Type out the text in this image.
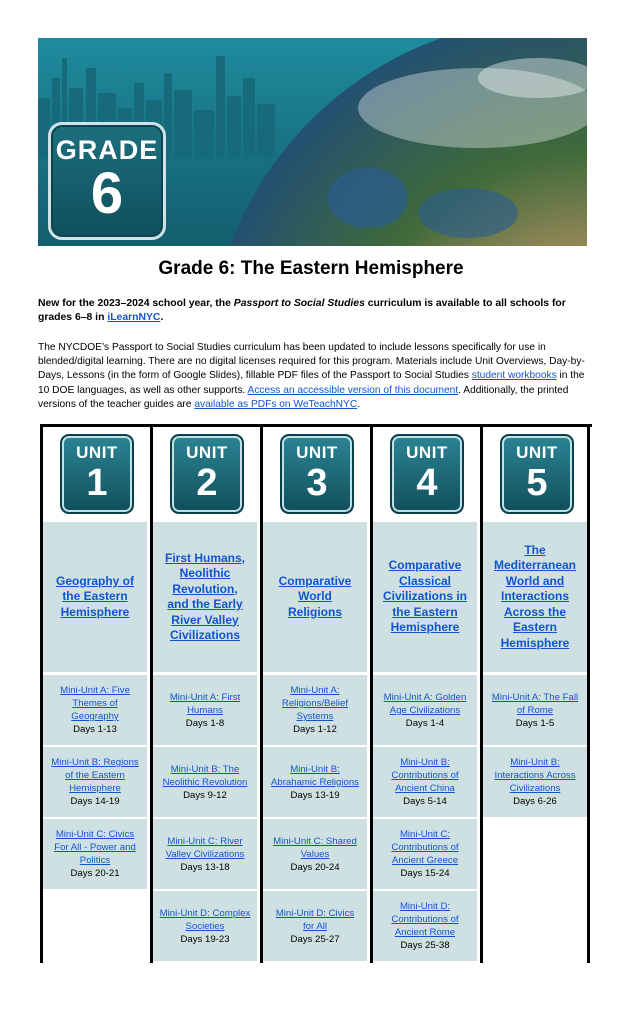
GRADE
6
Grade 6: The Eastern Hemisphere

New for the 2023–2024 school year, the Passport to Social Studies curriculum is available to all schools for grades 6–8 in iLearnNYC.

The NYCDOE’s Passport to Social Studies curriculum has been updated to include lessons specifically for use in blended/digital learning. There are no digital licenses required for this program. Materials include Unit Overviews, Day-by-Days, Lessons (in the form of Google Slides), fillable PDF files of the Passport to Social Studies student workbooks in the 10 DOE languages, as well as other supports. Access an accessible version of this document. Additionally, the printed versions of the teacher guides are available as PDFs on WeTeachNYC.

UNIT
1
Geography of the Eastern Hemisphere
Mini-Unit A: Five Themes of Geography
Days 1-13
Mini-Unit B: Regions of the Eastern Hemisphere
Days 14-19
Mini-Unit C: Civics For All - Power and Politics
Days 20-21
UNIT
2
First Humans, Neolithic Revolution, and the Early River Valley Civilizations
Mini-Unit A: First Humans
Days 1-8
Mini-Unit B: The Neolithic Revolution
Days 9-12
Mini-Unit C: River Valley Civilizations
Days 13-18
Mini-Unit D: Complex Societies
Days 19-23
UNIT
3
Comparative World Religions
Mini-Unit A: Religions/Belief Systems
Days 1-12
Mini-Unit B: Abrahamic Religions
Days 13-19
Mini-Unit C: Shared Values
Days 20-24
Mini-Unit D: Civics for All
Days 25-27
UNIT
4
Comparative Classical Civilizations in the Eastern Hemisphere
Mini-Unit A: Golden Age Civilizations
Days 1-4
Mini-Unit B: Contributions of Ancient China
Days 5-14
Mini-Unit C: Contributions of Ancient Greece
Days 15-24
Mini-Unit D: Contributions of Ancient Rome
Days 25-38
UNIT
5
The Mediterranean World and Interactions Across the Eastern Hemisphere
Mini-Unit A: The Fall of Rome
Days 1-5
Mini-Unit B: Interactions Across Civilizations
Days 6-26
